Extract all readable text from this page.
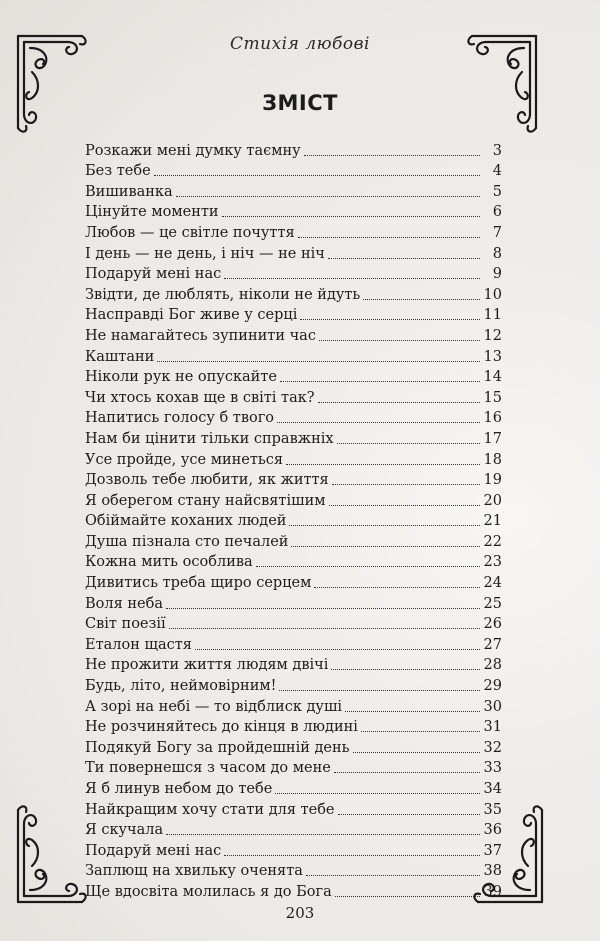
Стихія любові
ЗМІСТ
Розкажи мені думку таємну	3
Без тебе	4
Вишиванка	5
Цінуйте моменти	6
Любов — це світле почуття	7
І день — не день, і ніч — не ніч	8
Подаруй мені нас	9
Звідти, де люблять, ніколи не йдуть	10
Насправді Бог живе у серці	11
Не намагайтесь зупинити час	12
Каштани	13
Ніколи рук не опускайте	14
Чи хтось кохав ще в світі так?	15
Напитись голосу б твого	16
Нам би цінити тільки справжніх	17
Усе пройде, усе минеться	18
Дозволь тебе любити, як життя	19
Я оберегом стану найсвятішим	20
Обіймайте коханих людей	21
Душа пізнала сто печалей	22
Кожна мить особлива	23
Дивитись треба щиро серцем	24
Воля неба	25
Світ поезії	26
Еталон щастя	27
Не прожити життя людям двічі	28
Будь, літо, неймовірним!	29
А зорі на небі — то відблиск душі	30
Не розчиняйтесь до кінця в людині	31
Подякуй Богу за пройдешній день	32
Ти повернешся з часом до мене	33
Я б линув небом до тебе	34
Найкращим хочу стати для тебе	35
Я скучала	36
Подаруй мені нас	37
Заплющ на хвильку оченята	38
Ще вдосвіта молилась я до Бога	39
203
